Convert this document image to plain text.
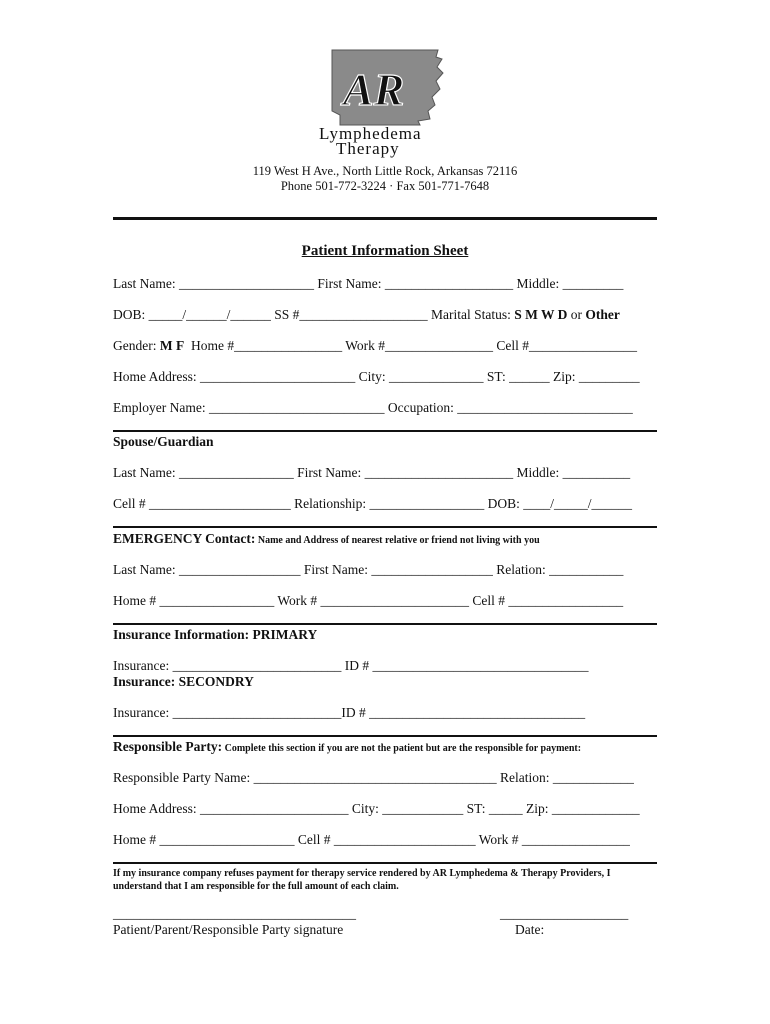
AR
Lymphedema
Therapy
119 West H Ave., North Little Rock, Arkansas 72116
Phone 501-772-3224 · Fax 501-771-7648
Patient Information Sheet
Last Name: ____________________ First Name: ___________________ Middle: _________
DOB: _____/______/______ SS #___________________ Marital Status: S M W D or Other
Gender: M F  Home #________________ Work #________________ Cell #________________
Home Address: _______________________ City: ______________ ST: ______ Zip: _________
Employer Name: __________________________ Occupation: __________________________
Spouse/Guardian
Last Name: _________________ First Name: ______________________ Middle: __________
Cell # _____________________ Relationship: _________________ DOB: ____/_____/______
EMERGENCY Contact: Name and Address of nearest relative or friend not living with you
Last Name: __________________ First Name: __________________ Relation: ___________
Home # _________________ Work # ______________________ Cell # _________________
Insurance Information: PRIMARY
Insurance: _________________________ ID # ________________________________
Insurance: SECONDRY
Insurance: _________________________ID # ________________________________
Responsible Party: Complete this section if you are not the patient but are the responsible for payment:
Responsible Party Name: ____________________________________ Relation: ____________
Home Address: ______________________ City: ____________ ST: _____ Zip: _____________
Home # ____________________ Cell # _____________________ Work # ________________
If my insurance company refuses payment for therapy service rendered by AR Lymphedema & Therapy Providers, I understand that I am responsible for the full amount of each claim.
____________________________________
Patient/Parent/Responsible Party signature
___________________
Date:
